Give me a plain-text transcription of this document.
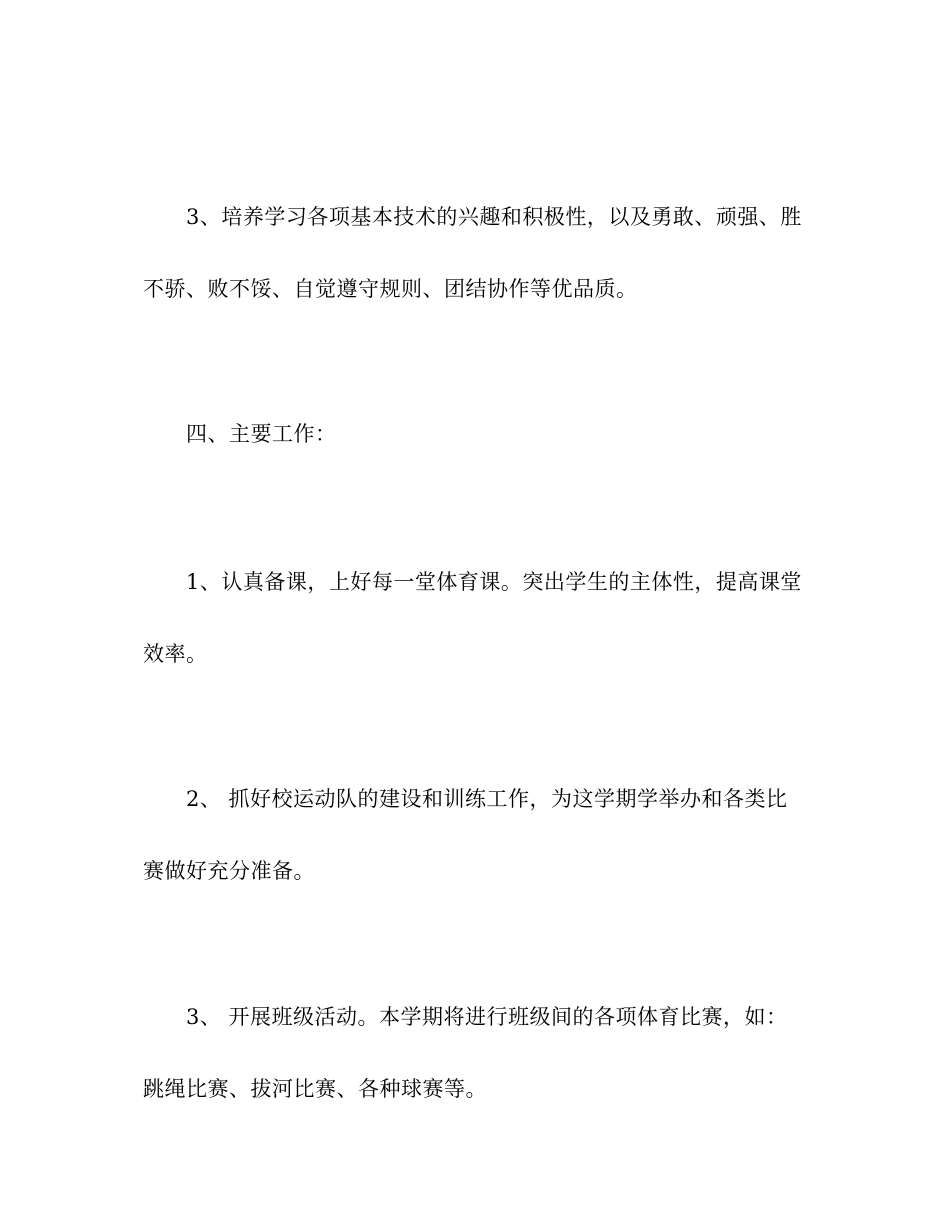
3、培养学习各项基本技术的兴趣和积极性，以及勇敢、顽强、胜
不骄、败不馁、自觉遵守规则、团结协作等优品质。
四、主要工作：
1、认真备课，上好每一堂体育课。突出学生的主体性，提高课堂
效率。
2、 抓好校运动队的建设和训练工作，为这学期学举办和各类比
赛做好充分准备。
3、 开展班级活动。本学期将进行班级间的各项体育比赛，如：
跳绳比赛、拔河比赛、各种球赛等。
